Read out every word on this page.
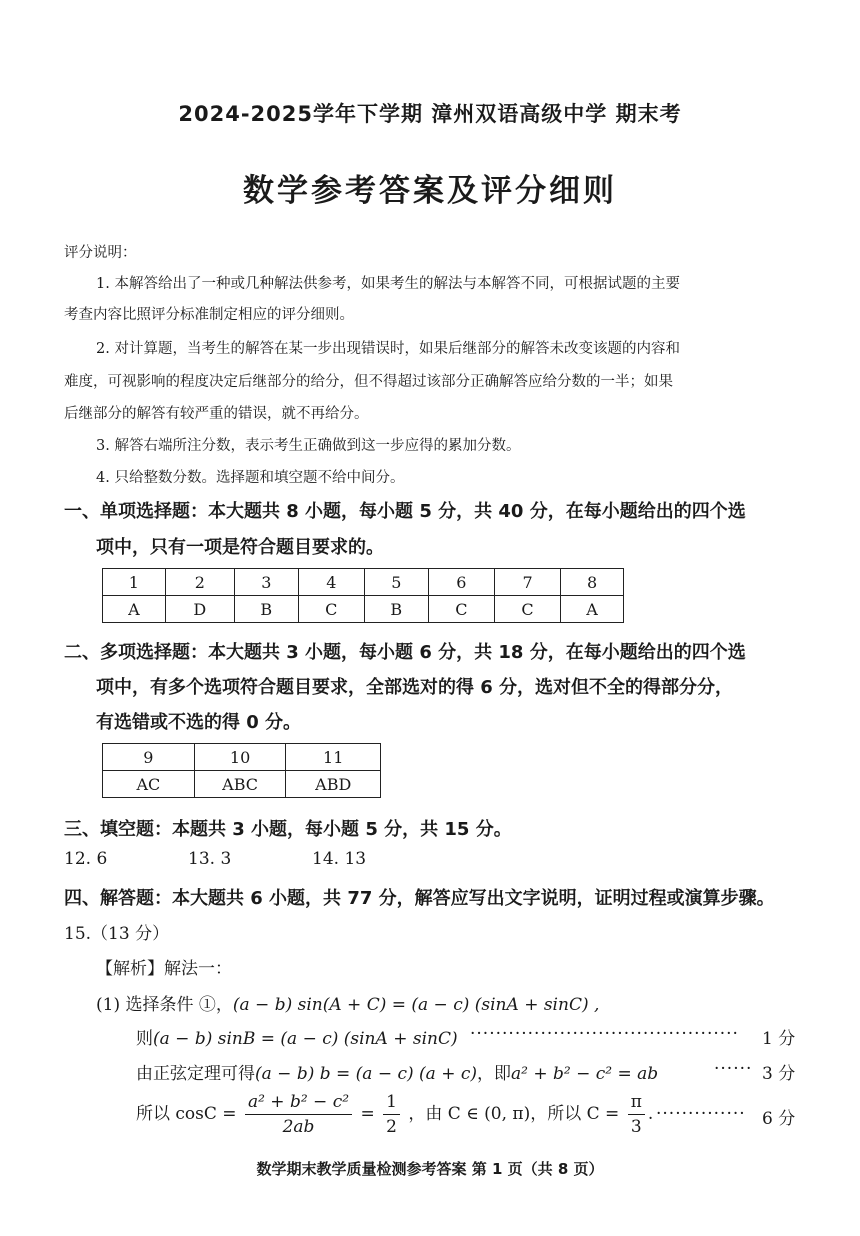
2024-2025学年下学期 漳州双语高级中学 期末考
数学参考答案及评分细则
评分说明：
1. 本解答给出了一种或几种解法供参考，如果考生的解法与本解答不同，可根据试题的主要
考查内容比照评分标准制定相应的评分细则。
2. 对计算题，当考生的解答在某一步出现错误时，如果后继部分的解答未改变该题的内容和
难度，可视影响的程度决定后继部分的给分，但不得超过该部分正确解答应给分数的一半；如果
后继部分的解答有较严重的错误，就不再给分。
3. 解答右端所注分数，表示考生正确做到这一步应得的累加分数。
4. 只给整数分数。选择题和填空题不给中间分。
一、单项选择题：本大题共 8 小题，每小题 5 分，共 40 分，在每小题给出的四个选
项中，只有一项是符合题目要求的。
1	2	3	4	5	6	7	8
A	D	B	C	B	C	C	A
二、多项选择题：本大题共 3 小题，每小题 6 分，共 18 分，在每小题给出的四个选
项中，有多个选项符合题目要求，全部选对的得 6 分，选对但不全的得部分分，
有选错或不选的得 0 分。
9	10	11
AC	ABC	ABD
三、填空题：本题共 3 小题，每小题 5 分，共 15 分。
12. 6	13. 3	14. 13
四、解答题：本大题共 6 小题，共 77 分，解答应写出文字说明，证明过程或演算步骤。
15.（13 分）
【解析】解法一：
(1) 选择条件 ①，(a − b) sin(A + C) = (a − c) (sinA + sinC) ,
则(a − b) sinB = (a − c) (sinA + sinC) ·········································· 1 分
由正弦定理可得(a − b) b = (a − c) (a + c)，即a² + b² − c² = ab	······ 3 分
所以 $\cos C = \frac{\text{a² + b² − c²}}{2ab} = \frac{1}{2}$ ，由 C ∈ (0, π)，所以 $C = \frac{\pi}{3}$ . ·············· 6 分
数学期末教学质量检测参考答案 第 1 页（共 8 页）
